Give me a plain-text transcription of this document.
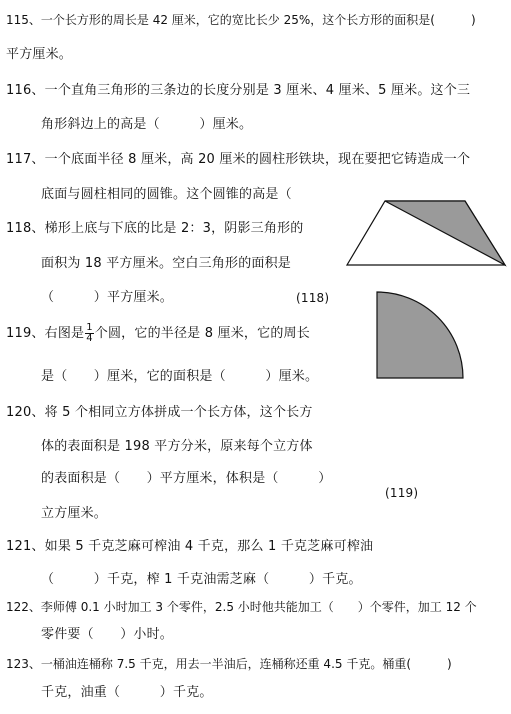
115、一个长方形的周长是 42 厘米，它的宽比长少 25%，这个长方形的面积是(　　　)
平方厘米。
116、一个直角三角形的三条边的长度分别是 3 厘米、4 厘米、5 厘米。这个三
角形斜边上的高是（　　　）厘米。
117、一个底面半径 8 厘米，高 20 厘米的圆柱形铁块，现在要把它铸造成一个
底面与圆柱相同的圆锥。这个圆锥的高是（
118、梯形上底与下底的比是 2：3，阴影三角形的
面积为 18 平方厘米。空白三角形的面积是
（　　　）平方厘米。	(118)
119、右图是 $\frac{1}{4}$ 个圆，它的半径是 8 厘米，它的周长
是（　　）厘米，它的面积是（　　　）厘米。
120、将 5 个相同立方体拼成一个长方体，这个长方
体的表面积是 198 平方分米，原来每个立方体
的表面积是（　　）平方厘米，体积是（　　　）
(119)
立方厘米。
121、如果 5 千克芝麻可榨油 4 千克，那么 1 千克芝麻可榨油
（　　　）千克，榨 1 千克油需芝麻（　　　）千克。
122、李师傅 0.1 小时加工 3 个零件，2.5 小时他共能加工（　　）个零件，加工 12 个
零件要（　　）小时。
123、一桶油连桶称 7.5 千克，用去一半油后，连桶称还重 4.5 千克。桶重(　　　)
千克，油重（　　　）千克。
